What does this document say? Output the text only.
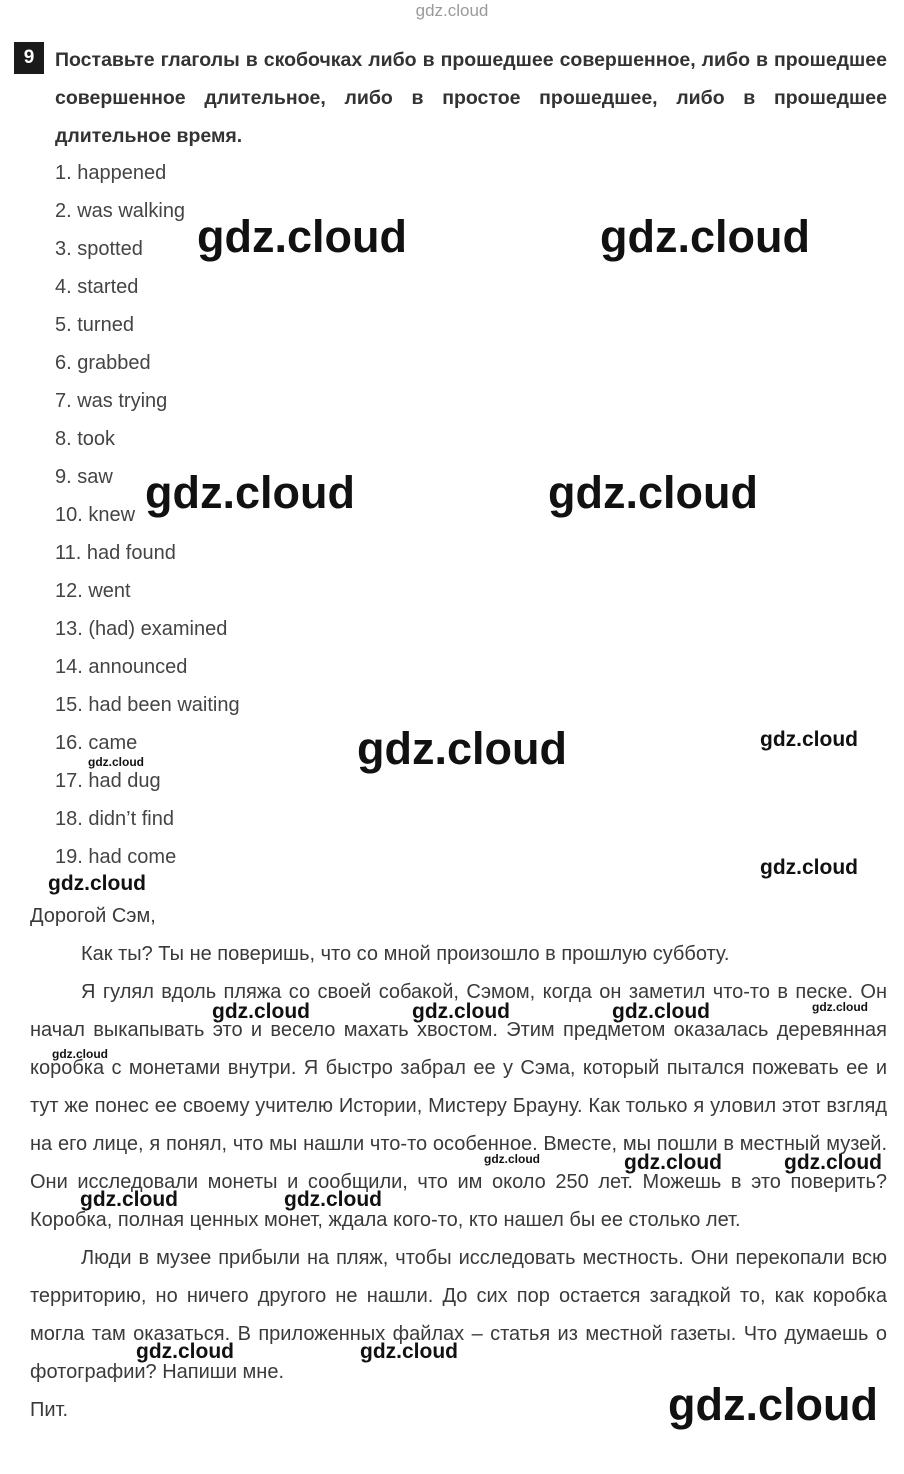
gdz.cloud
9	Поставьте глаголы в скобочках либо в прошедшее совершенное, либо в прошедшее совершенное длительное, либо в простое прошедшее, либо в прошедшее длительное время.

1. happened
2. was walking
3. spotted
4. started
5. turned
6. grabbed
7. was trying
8. took
9. saw
10. knew
11. had found
12. went
13. (had) examined
14. announced
15. had been waiting
16. came
17. had dug
18. didn’t find
19. had come

Дорогой Сэм,

Как ты? Ты не поверишь, что со мной произошло в прошлую субботу.

Я гулял вдоль пляжа со своей собакой, Сэмом, когда он заметил что-то в песке. Он начал выкапывать это и весело махать хвостом. Этим предметом оказалась деревянная коробка с монетами внутри. Я быстро забрал ее у Сэма, который пытался пожевать ее и тут же понес ее своему учителю Истории, Мистеру Брауну. Как только я уловил этот взгляд на его лице, я понял, что мы нашли что-то особенное. Вместе, мы пошли в местный музей. Они исследовали монеты и сообщили, что им около 250 лет. Можешь в это поверить? Коробка, полная ценных монет, ждала кого-то, кто нашел бы ее столько лет.

Люди в музее прибыли на пляж, чтобы исследовать местность. Они перекопали всю территорию, но ничего другого не нашли. До сих пор остается загадкой то, как коробка могла там оказаться. В приложенных файлах – статья из местной газеты. Что думаешь о фотографии? Напиши мне.

Пит.

gdz.cloud	gdz.cloud
gdz.cloud	gdz.cloud
gdz.cloud	gdz.cloud
gdz.cloud
gdz.cloud
gdz.cloud
gdz.cloud	gdz.cloud	gdz.cloud	gdz.cloud
gdz.cloud
gdz.cloud	gdz.cloud	gdz.cloud
gdz.cloud	gdz.cloud
gdz.cloud	gdz.cloud
gdz.cloud
